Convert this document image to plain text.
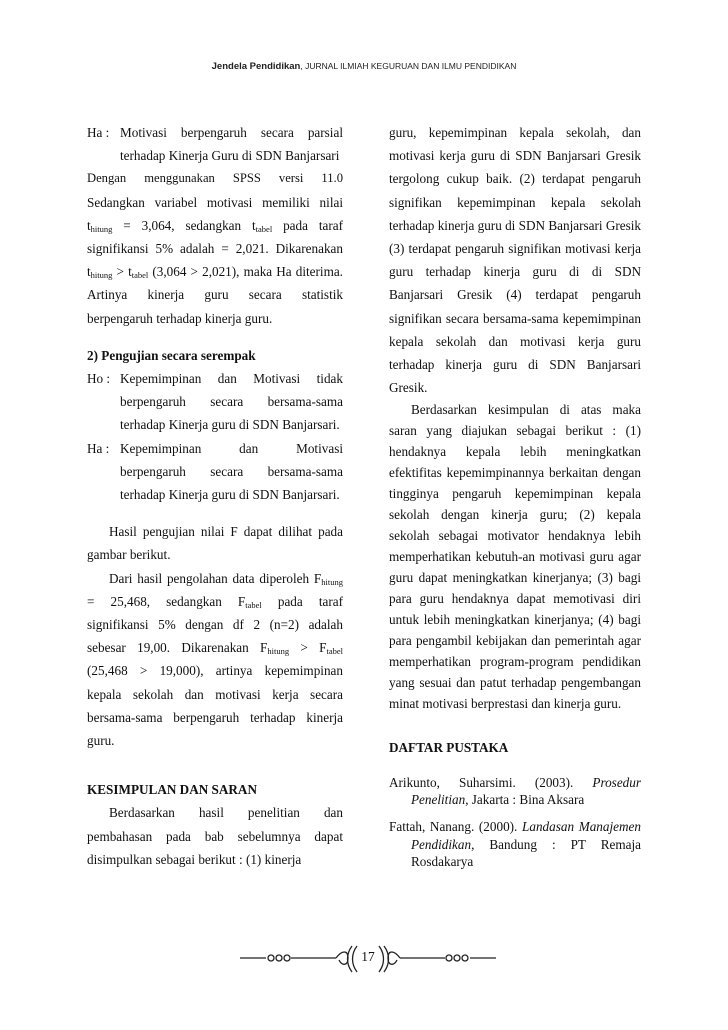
Jendela Pendidikan, JURNAL ILMIAH KEGURUAN DAN ILMU PENDIDIKAN
Ha : Motivasi berpengaruh secara parsial terhadap Kinerja Guru di SDN Banjarsari

Dengan menggunakan SPSS versi 11.0

Sedangkan variabel motivasi memiliki nilai $t_{hitung} = 3,064$, sedangkan $t_{tabel}$ pada taraf signifikansi 5% adalah = 2,021. Dikarenakan $t_{hitung} > t_{tabel}$ (3,064 > 2,021), maka Ha diterima. Artinya kinerja guru secara statistik berpengaruh terhadap kinerja guru.

2) Pengujian secara serempak

Ho : Kepemimpinan dan Motivasi tidak berpengaruh secara bersama-sama terhadap Kinerja guru di SDN Banjarsari.
Ha : Kepemimpinan dan Motivasi berpengaruh secara bersama-sama terhadap Kinerja guru di SDN Banjarsari.

Hasil pengujian nilai F dapat dilihat pada gambar berikut.

Dari hasil pengolahan data diperoleh $F_{hitung} = 25,468$, sedangkan $F_{tabel}$ pada taraf signifikansi 5% dengan df 2 (n=2) adalah sebesar 19,00. Dikarenakan $F_{hitung} > F_{tabel}$ (25,468 > 19,000), artinya kepemimpinan kepala sekolah dan motivasi kerja secara bersama-sama berpengaruh terhadap kinerja guru.

KESIMPULAN DAN SARAN

Berdasarkan hasil penelitian dan pembahasan pada bab sebelumnya dapat disimpulkan sebagai berikut : (1) kinerja

guru, kepemimpinan kepala sekolah, dan motivasi kerja guru di SDN Banjarsari Gresik tergolong cukup baik. (2) terdapat pengaruh signifikan kepemimpinan kepala sekolah terhadap kinerja guru di SDN Banjarsari Gresik (3) terdapat pengaruh signifikan motivasi kerja guru terhadap kinerja guru di di SDN Banjarsari Gresik (4) terdapat pengaruh signifikan secara bersama-sama kepemimpinan kepala sekolah dan motivasi kerja guru terhadap kinerja guru di SDN Banjarsari Gresik.

Berdasarkan kesimpulan di atas maka saran yang diajukan sebagai berikut : (1) hendaknya kepala lebih meningkatkan efektifitas kepemimpinannya berkaitan dengan tingginya pengaruh kepemimpinan kepala sekolah dengan kinerja guru; (2) kepala sekolah sebagai motivator hendaknya lebih memperhatikan kebutuh-an motivasi guru agar guru dapat meningkatkan kinerjanya; (3) bagi para guru hendaknya dapat memotivasi diri untuk lebih meningkatkan kinerjanya; (4) bagi para pengambil kebijakan dan pemerintah agar memperhatikan program-program pendidikan yang sesuai dan patut terhadap pengembangan minat motivasi berprestasi dan kinerja guru.

DAFTAR PUSTAKA

Arikunto, Suharsimi. (2003). Prosedur Penelitian, Jakarta : Bina Aksara

Fattah, Nanang. (2000). Landasan Manajemen Pendidikan, Bandung : PT Remaja Rosdakarya

17
